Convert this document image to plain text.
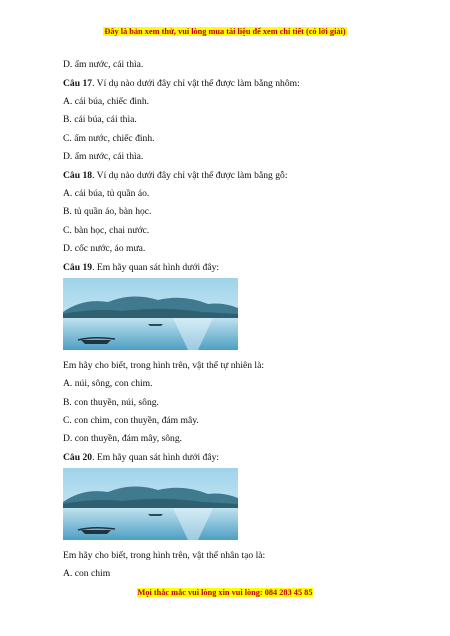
Đây là bản xem thử, vui lòng mua tài liệu để xem chi tiết (có lời giải)
D. ấm nước, cái thìa.
Câu 17. Ví dụ nào dưới đây chỉ vật thể được làm bằng nhôm:
A. cái búa, chiếc đinh.
B. cái búa, cái thìa.
C. ấm nước, chiếc đinh.
D. ấm nước, cái thìa.
Câu 18. Ví dụ nào dưới đây chỉ vật thể được làm bằng gỗ:
A. cái búa, tủ quần áo.
B. tủ quần áo, bàn học.
C. bàn học, chai nước.
D. cốc nước, áo mưa.
Câu 19. Em hãy quan sát hình dưới đây:
Em hãy cho biết, trong hình trên, vật thể tự nhiên là:
A. núi, sông, con chim.
B. con thuyền, núi, sông.
C. con chim, con thuyền, đám mây.
D. con thuyền, đám mây, sông.
Câu 20. Em hãy quan sát hình dưới đây:
Em hãy cho biết, trong hình trên, vật thể nhân tạo là:
A. con chim
Mọi thắc mắc vui lòng xin vui lòng: 084 283 45 85
